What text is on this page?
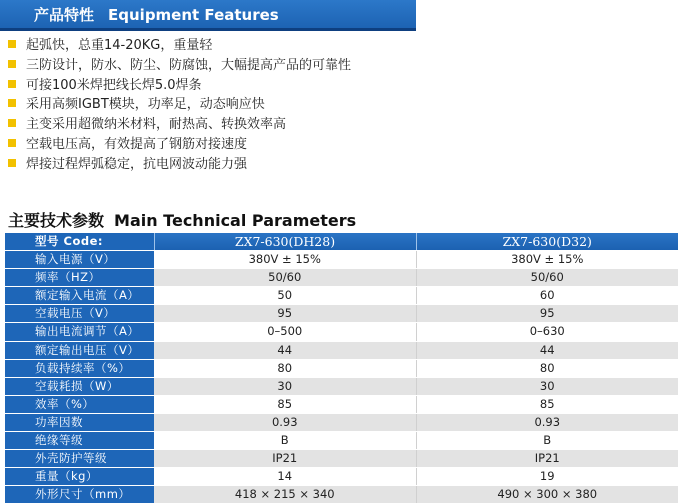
产品特性 Equipment Features
起弧快，总重14-20KG，重量轻
三防设计，防水、防尘、防腐蚀，大幅提高产品的可靠性
可接100米焊把线长焊5.0焊条
采用高频IGBT模块，功率足，动态响应快
主变采用超微纳米材料，耐热高、转换效率高
空载电压高，有效提高了钢筋对接速度
焊接过程焊弧稳定，抗电网波动能力强
主要技术参数 Main Technical Parameters
型号 Code:	ZX7-630(DH28)	ZX7-630(D32)
输入电源（V）	380V ± 15%	380V ± 15%
频率（HZ）	50/60	50/60
额定输入电流（A）	50	60
空载电压（V）	95	95
输出电流调节（A）	0–500	0–630
额定输出电压（V）	44	44
负载持续率（%）	80	80
空载耗损（W）	30	30
效率（%）	85	85
功率因数	0.93	0.93
绝缘等级	B	B
外壳防护等级	IP21	IP21
重量（kg）	14	19
外形尺寸（mm）	418 × 215 × 340	490 × 300 × 380
